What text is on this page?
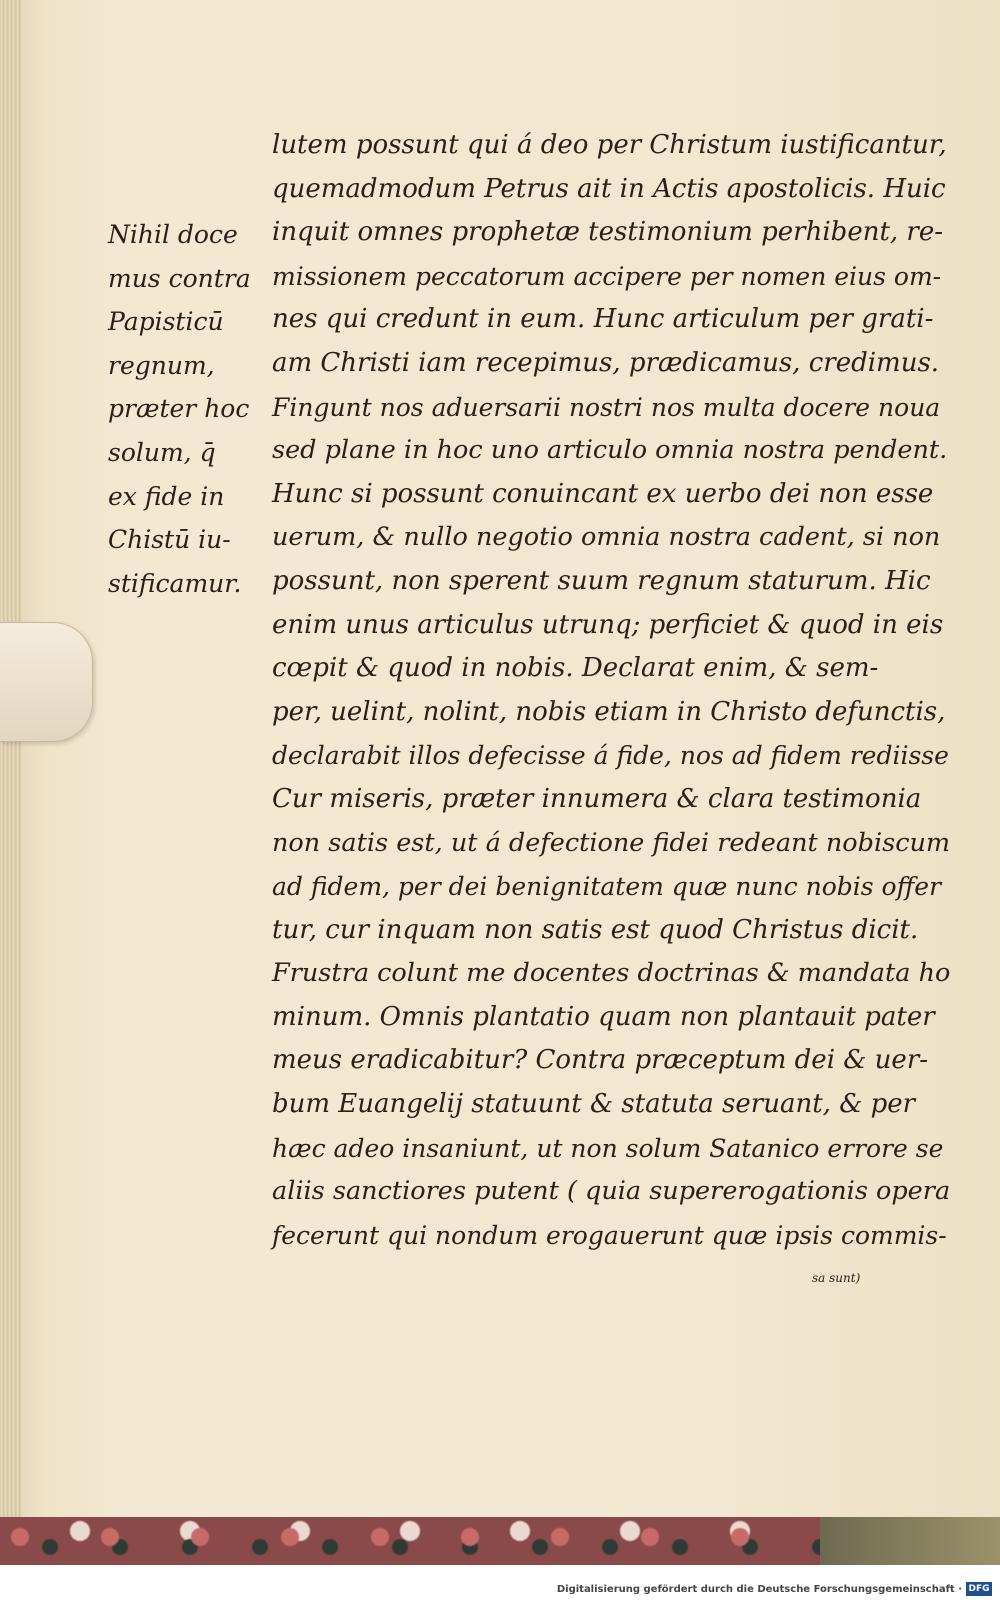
Nihil doce
mus contra
Papisticū
regnum,
præter hoc
solum, q̄
ex fide in
Chistū iu-
stificamur.
lutem possunt qui á deo per Christum iustificantur,
quemadmodum Petrus ait in Actis apostolicis. Huic
inquit omnes prophetæ testimonium perhibent, re-
missionem peccatorum accipere per nomen eius om-
nes qui credunt in eum. Hunc articulum per grati-
am Christi iam recepimus, prædicamus, credimus.
Fingunt nos aduersarii nostri nos multa docere noua
sed plane in hoc uno articulo omnia nostra pendent.
Hunc si possunt conuincant ex uerbo dei non esse
uerum, & nullo negotio omnia nostra cadent, si non
possunt, non sperent suum regnum staturum. Hic
enim unus articulus utrunq; perficiet & quod in eis
cœpit & quod in nobis. Declarat enim, & sem-
per, uelint, nolint, nobis etiam in Christo defunctis,
declarabit illos defecisse á fide, nos ad fidem rediisse
Cur miseris, præter innumera & clara testimonia
non satis est, ut á defectione fidei redeant nobiscum
ad fidem, per dei benignitatem quæ nunc nobis offer
tur, cur inquam non satis est quod Christus dicit.
Frustra colunt me docentes doctrinas & mandata ho
minum. Omnis plantatio quam non plantauit pater
meus eradicabitur? Contra præceptum dei & uer-
bum Euangelij statuunt & statuta seruant, & per
hæc adeo insaniunt, ut non solum Satanico errore se
aliis sanctiores putent ( quia supererogationis opera
fecerunt qui nondum erogauerunt quæ ipsis commis-
sa sunt)
Digitalisierung gefördert durch die Deutsche Forschungsgemeinschaft · DFG
